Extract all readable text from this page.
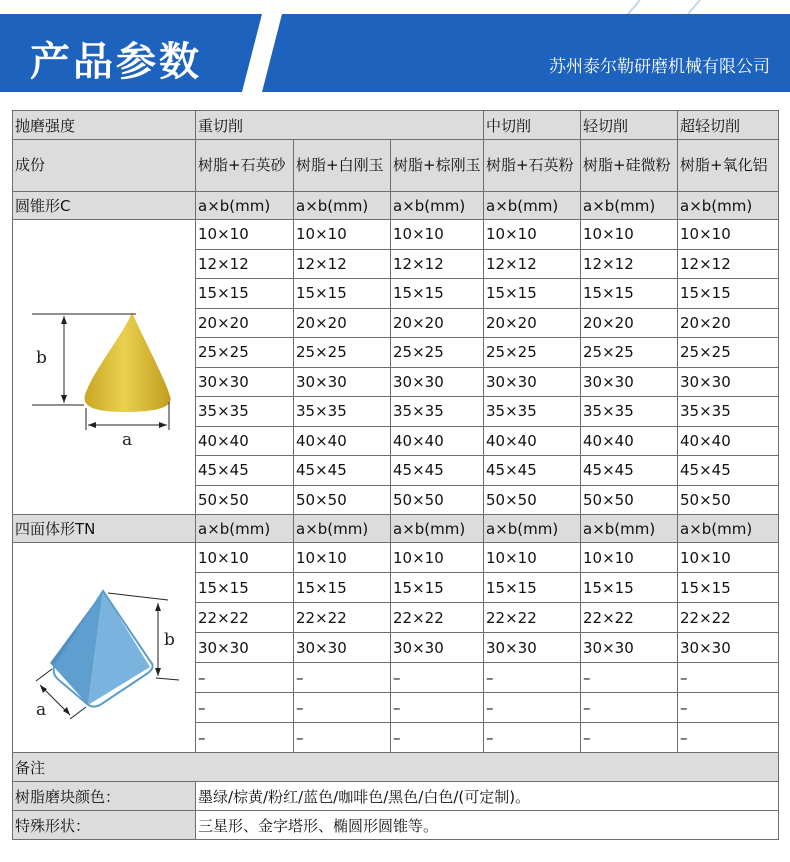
产品参数	苏州泰尔勒研磨机械有限公司
抛磨强度	重切削			中切削	轻切削	超轻切削
成份	树脂+石英砂	树脂+白刚玉	树脂+棕刚玉	树脂+石英粉	树脂+硅微粉	树脂+氧化铝
圆锥形C	a×b(mm)	a×b(mm)	a×b(mm)	a×b(mm)	a×b(mm)	a×b(mm)

b
a	10×10	10×10	10×10	10×10	10×10	10×10
	12×12	12×12	12×12	12×12	12×12	12×12
	15×15	15×15	15×15	15×15	15×15	15×15
	20×20	20×20	20×20	20×20	20×20	20×20
	25×25	25×25	25×25	25×25	25×25	25×25
	30×30	30×30	30×30	30×30	30×30	30×30
	35×35	35×35	35×35	35×35	35×35	35×35
	40×40	40×40	40×40	40×40	40×40	40×40
	45×45	45×45	45×45	45×45	45×45	45×45
	50×50	50×50	50×50	50×50	50×50	50×50
四面体形TN	a×b(mm)	a×b(mm)	a×b(mm)	a×b(mm)	a×b(mm)	a×b(mm)

b
a	10×10	10×10	10×10	10×10	10×10	10×10
	15×15	15×15	15×15	15×15	15×15	15×15
	22×22	22×22	22×22	22×22	22×22	22×22
	30×30	30×30	30×30	30×30	30×30	30×30
	–	–	–	–	–	–
	–	–	–	–	–	–
	–	–	–	–	–	–
备注						
树脂磨块颜色：	墨绿/棕黄/粉红/蓝色/咖啡色/黑色/白色/(可定制)。					
特殊形状：	三星形、金字塔形、椭圆形圆锥等。					
